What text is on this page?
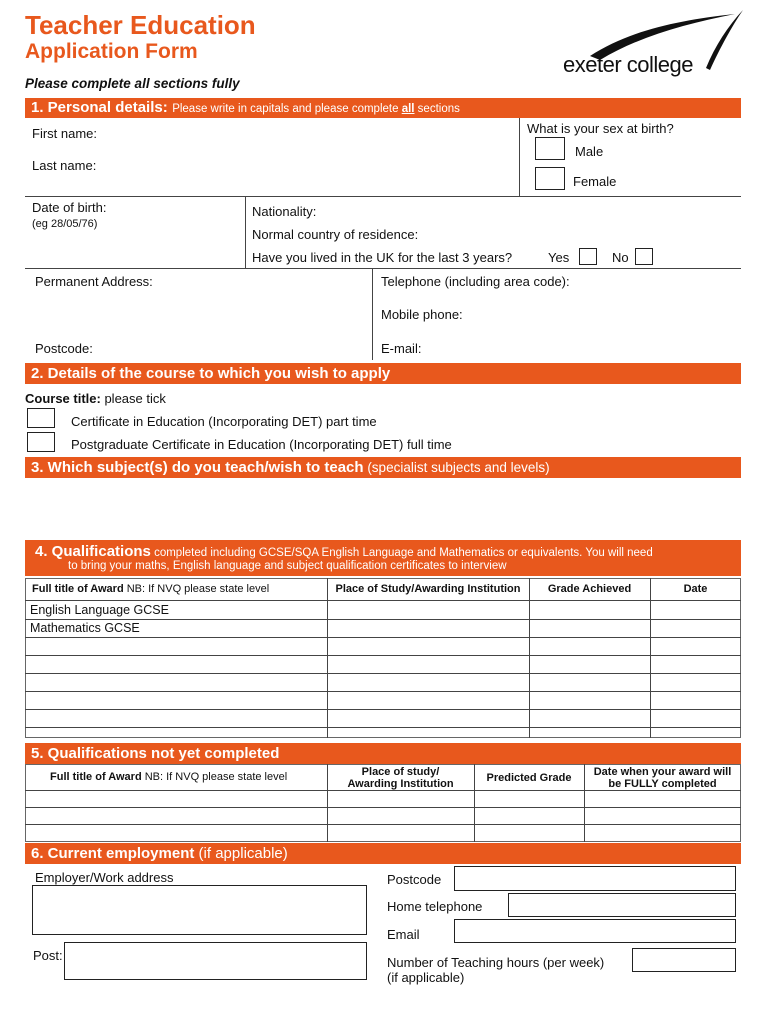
Teacher Education
Application Form
Please complete all sections fully
exeter college
1. Personal details: Please write in capitals and please complete all sections
First name:
Last name:
What is your sex at birth?
Male
Female
Date of birth:
(eg 28/05/76)
Nationality:
Normal country of residence:
Have you lived in the UK for the last 3 years?	Yes	No
Permanent Address:	Telephone (including area code):
Mobile phone:
Postcode:	E-mail:
2. Details of the course to which you wish to apply
Course title: please tick
Certificate in Education (Incorporating DET) part time
Postgraduate Certificate in Education (Incorporating DET) full time
3. Which subject(s) do you teach/wish to teach (specialist subjects and levels)
4. Qualifications completed including GCSE/SQA English Language and Mathematics or equivalents. You will need
to bring your maths, English language and subject qualification certificates to interview
Full title of Award NB: If NVQ please state level	Place of Study/Awarding Institution	Grade Achieved	Date
English Language GCSE
Mathematics GCSE
5. Qualifications not yet completed
Full title of Award NB: If NVQ please state level	Place of study/
Awarding Institution	Predicted Grade	Date when your award will
be FULLY completed
6. Current employment (if applicable)
Employer/Work address
Post:
Postcode
Home telephone
Email
Number of Teaching hours (per week)
(if applicable)
